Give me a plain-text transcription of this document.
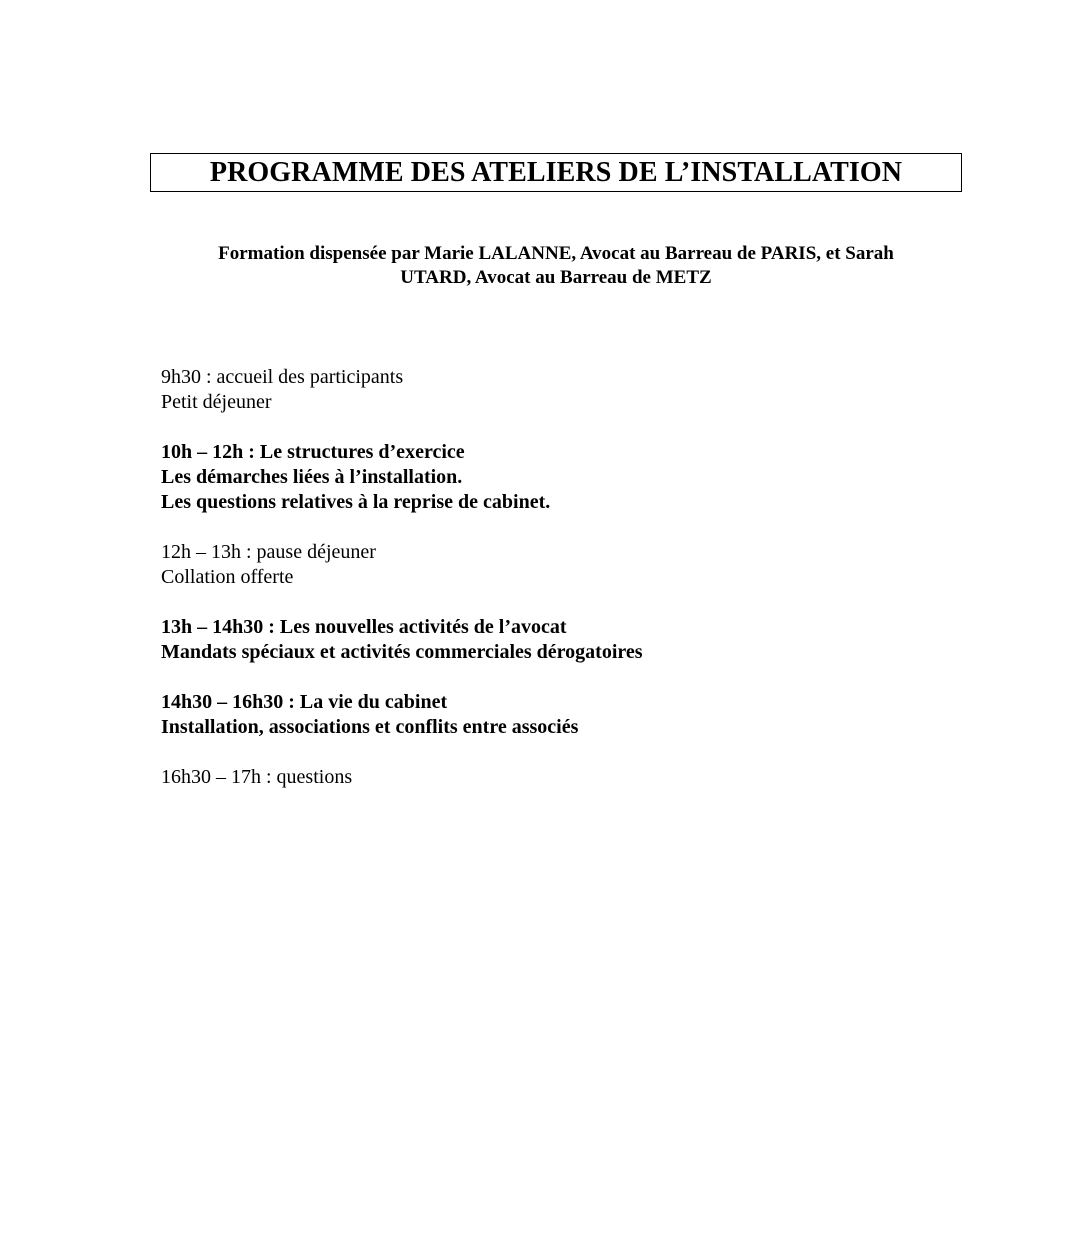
PROGRAMME DES ATELIERS DE L’INSTALLATION
Formation dispensée par Marie LALANNE, Avocat au Barreau de PARIS, et Sarah
UTARD, Avocat au Barreau de METZ
9h30 : accueil des participants
Petit déjeuner
10h – 12h : Le structures d’exercice
Les démarches liées à l’installation.
Les questions relatives à la reprise de cabinet.
12h – 13h : pause déjeuner
Collation offerte
13h – 14h30 : Les nouvelles activités de l’avocat
Mandats spéciaux et activités commerciales dérogatoires
14h30 – 16h30 : La vie du cabinet
Installation, associations et conflits entre associés
16h30 – 17h : questions
